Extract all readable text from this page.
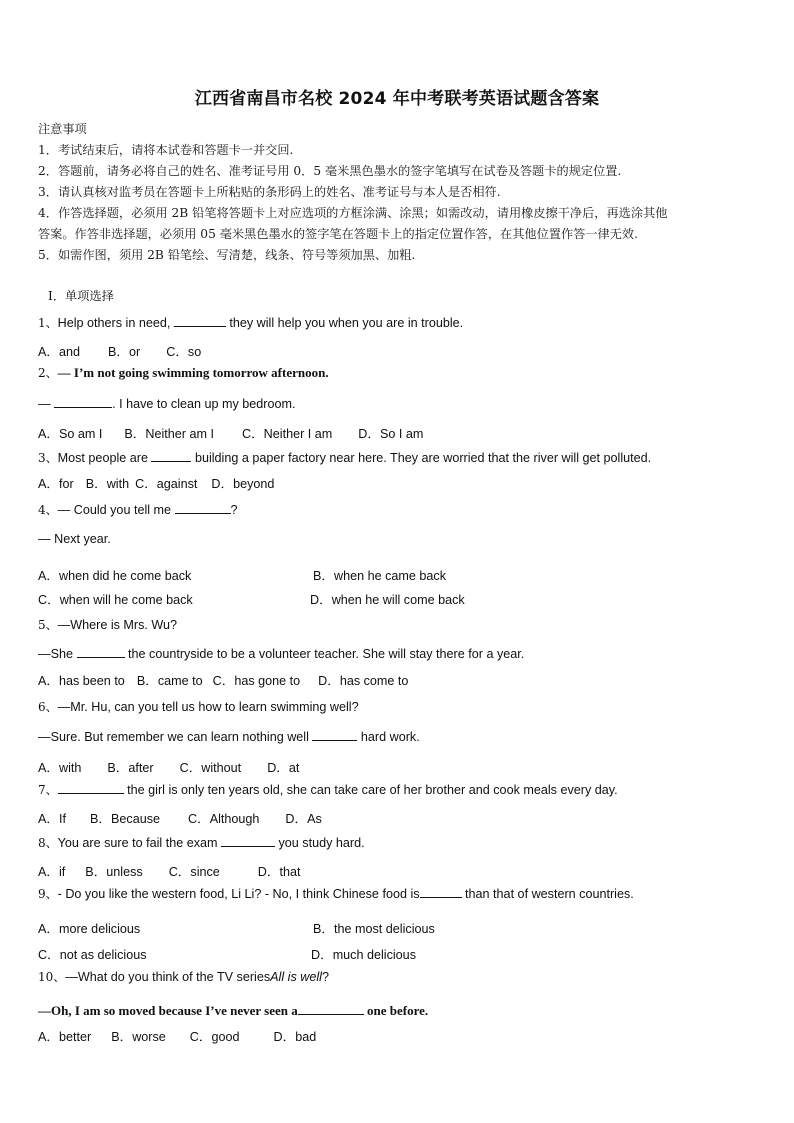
江西省南昌市名校 2024 年中考联考英语试题含答案
注意事项
1．考试结束后，请将本试卷和答题卡一并交回.
2．答题前，请务必将自己的姓名、准考证号用 0．5 毫米黑色墨水的签字笔填写在试卷及答题卡的规定位置.
3．请认真核对监考员在答题卡上所粘贴的条形码上的姓名、准考证号与本人是否相符.
4．作答选择题，必须用 2B 铅笔将答题卡上对应选项的方框涂满、涂黑；如需改动，请用橡皮擦干净后，再选涂其他
答案。作答非选择题，必须用 05 毫米黑色墨水的签字笔在答题卡上的指定位置作答，在其他位置作答一律无效.
5．如需作图，须用 2B 铅笔绘、写清楚，线条、符号等须加黑、加粗.
Ⅰ．单项选择
1、Help others in need,	they will help you when you are in trouble.
A．and B．or C．so
2、— I’m not going swimming tomorrow afternoon.
—	. I have to clean up my bedroom.
A．So am I B．Neither am I C．Neither I am D．So I am
3、Most people are	building a paper factory near here. They are worried that the river will get polluted.
A．for B．with C．against D．beyond
4、— Could you tell me	?
— Next year.
A．when did he come back	B．when he came back
C．when will he come back	D．when he will come back
5、—Where is Mrs. Wu?
—She	the countryside to be a volunteer teacher. She will stay there for a year.
A．has been to B．came to C．has gone to D．has come to
6、—Mr. Hu, can you tell us how to learn swimming well?
—Sure. But remember we can learn nothing well	hard work.
A．with B．after C．without D．at
7、	the girl is only ten years old, she can take care of her brother and cook meals every day.
A．If B．Because C．Although D．As
8、You are sure to fail the exam	you study hard.
A．if B．unless C．since	D．that
9、- Do you like the western food, Li Li? - No, I think Chinese food is	than that of western countries.
A．more delicious	B．the most delicious
C．not as delicious	D．much delicious
10、—What do you think of the TV seriesAll is well?
—Oh, I am so moved because I’ve never seen a	one before.
A．better B．worse C．good	D．bad
